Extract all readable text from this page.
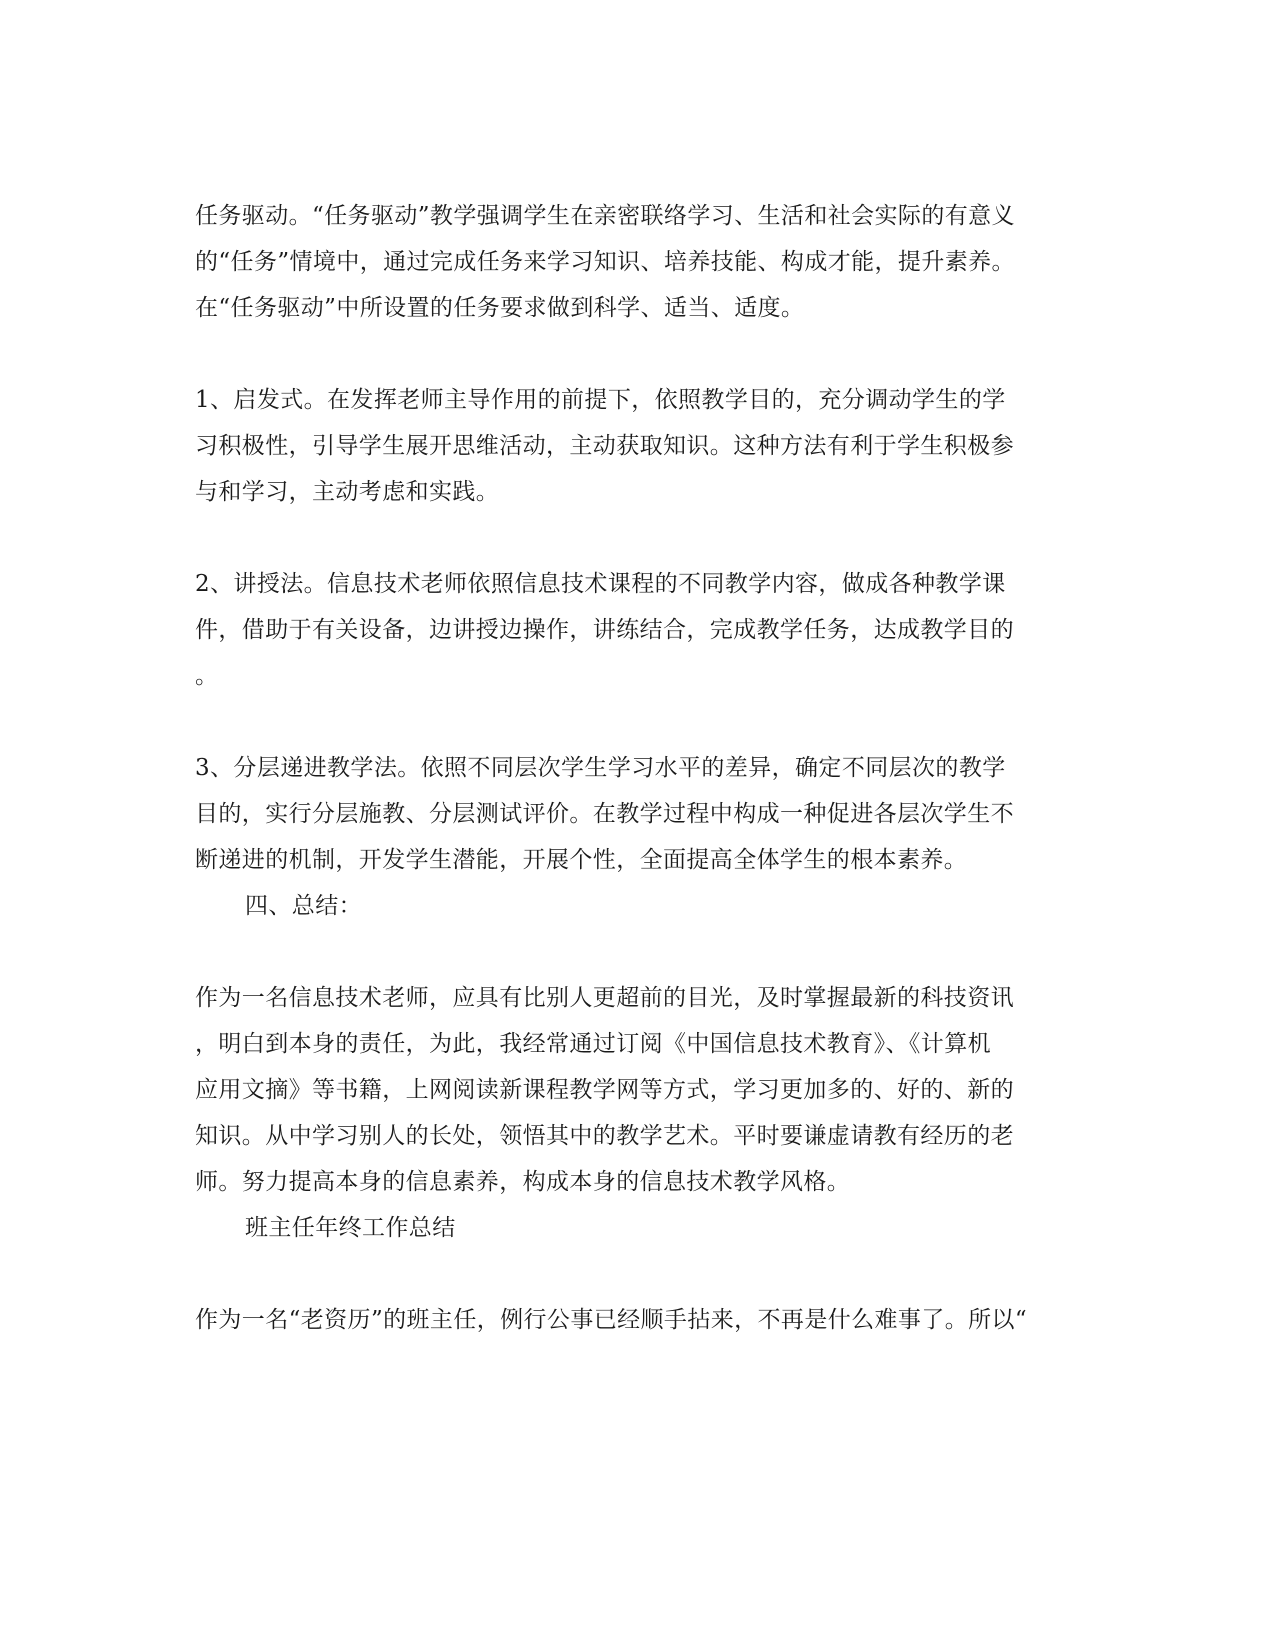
任务驱动。“任务驱动”教学强调学生在亲密联络学习、生活和社会实际的有意义
的“任务”情境中，通过完成任务来学习知识、培养技能、构成才能，提升素养。
在“任务驱动”中所设置的任务要求做到科学、适当、适度。
1、启发式。在发挥老师主导作用的前提下，依照教学目的，充分调动学生的学
习积极性，引导学生展开思维活动，主动获取知识。这种方法有利于学生积极参
与和学习，主动考虑和实践。
2、讲授法。信息技术老师依照信息技术课程的不同教学内容，做成各种教学课
件，借助于有关设备，边讲授边操作，讲练结合，完成教学任务，达成教学目的
。
3、分层递进教学法。依照不同层次学生学习水平的差异，确定不同层次的教学
目的，实行分层施教、分层测试评价。在教学过程中构成一种促进各层次学生不
断递进的机制，开发学生潜能，开展个性，全面提高全体学生的根本素养。
四、总结：
作为一名信息技术老师，应具有比别人更超前的目光，及时掌握最新的科技资讯
，明白到本身的责任，为此，我经常通过订阅《中国信息技术教育》、《计算机
应用文摘》等书籍，上网阅读新课程教学网等方式，学习更加多的、好的、新的
知识。从中学习别人的长处，领悟其中的教学艺术。平时要谦虚请教有经历的老
师。努力提高本身的信息素养，构成本身的信息技术教学风格。
班主任年终工作总结
作为一名“老资历”的班主任，例行公事已经顺手拈来，不再是什么难事了。所以“
